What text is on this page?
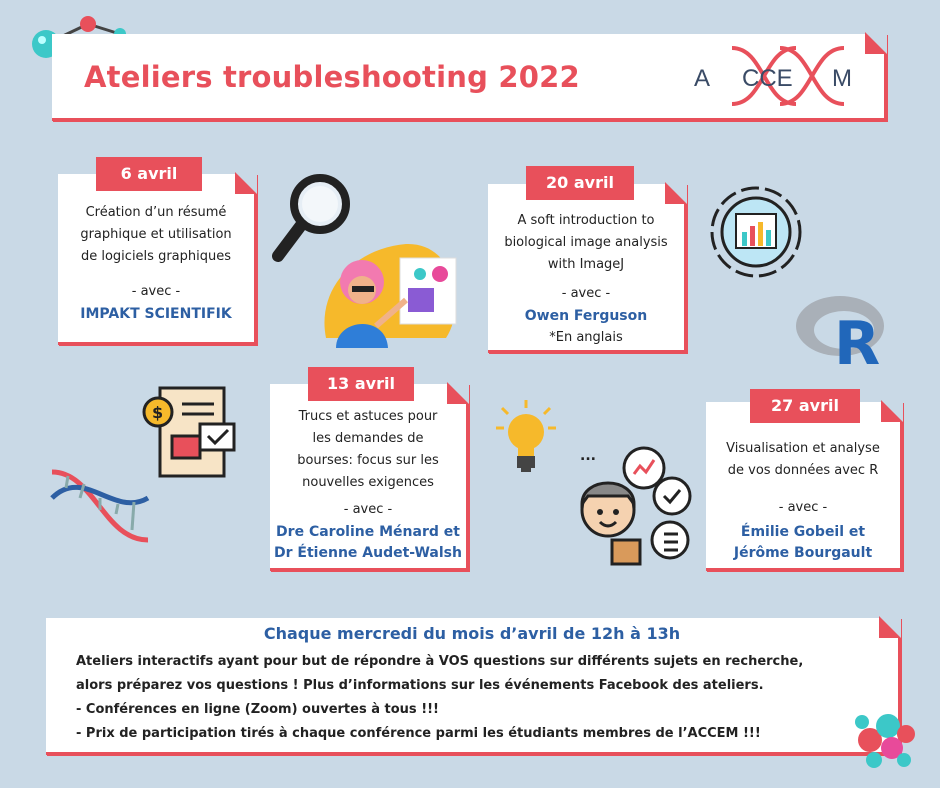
Ateliers troubleshooting 2022	A CCE M
Création d’un résumé
graphique et utilisation
de logiciels graphiques
- avec -
IMPAKT SCIENTIFIK
6 avril
A soft introduction to
biological image analysis
with ImageJ
- avec -
Owen Ferguson
*En anglais
20 avril
R
$	Trucs et astuces pour
les demandes de
bourses: focus sur les
nouvelles exigences
- avec -
Dre Caroline Ménard et
Dr Étienne Audet-Walsh
13 avril
...	Visualisation et analyse
de vos données avec R
- avec -
Émilie Gobeil et
Jérôme Bourgault
27 avril
Chaque mercredi du mois d’avril de 12h à 13h

Ateliers interactifs ayant pour but de répondre à VOS questions sur différents sujets en recherche,

alors préparez vos questions ! Plus d’informations sur les événements Facebook des ateliers.

- Conférences en ligne (Zoom) ouvertes à tous !!!

- Prix de participation tirés à chaque conférence parmi les étudiants membres de l’ACCEM !!!
